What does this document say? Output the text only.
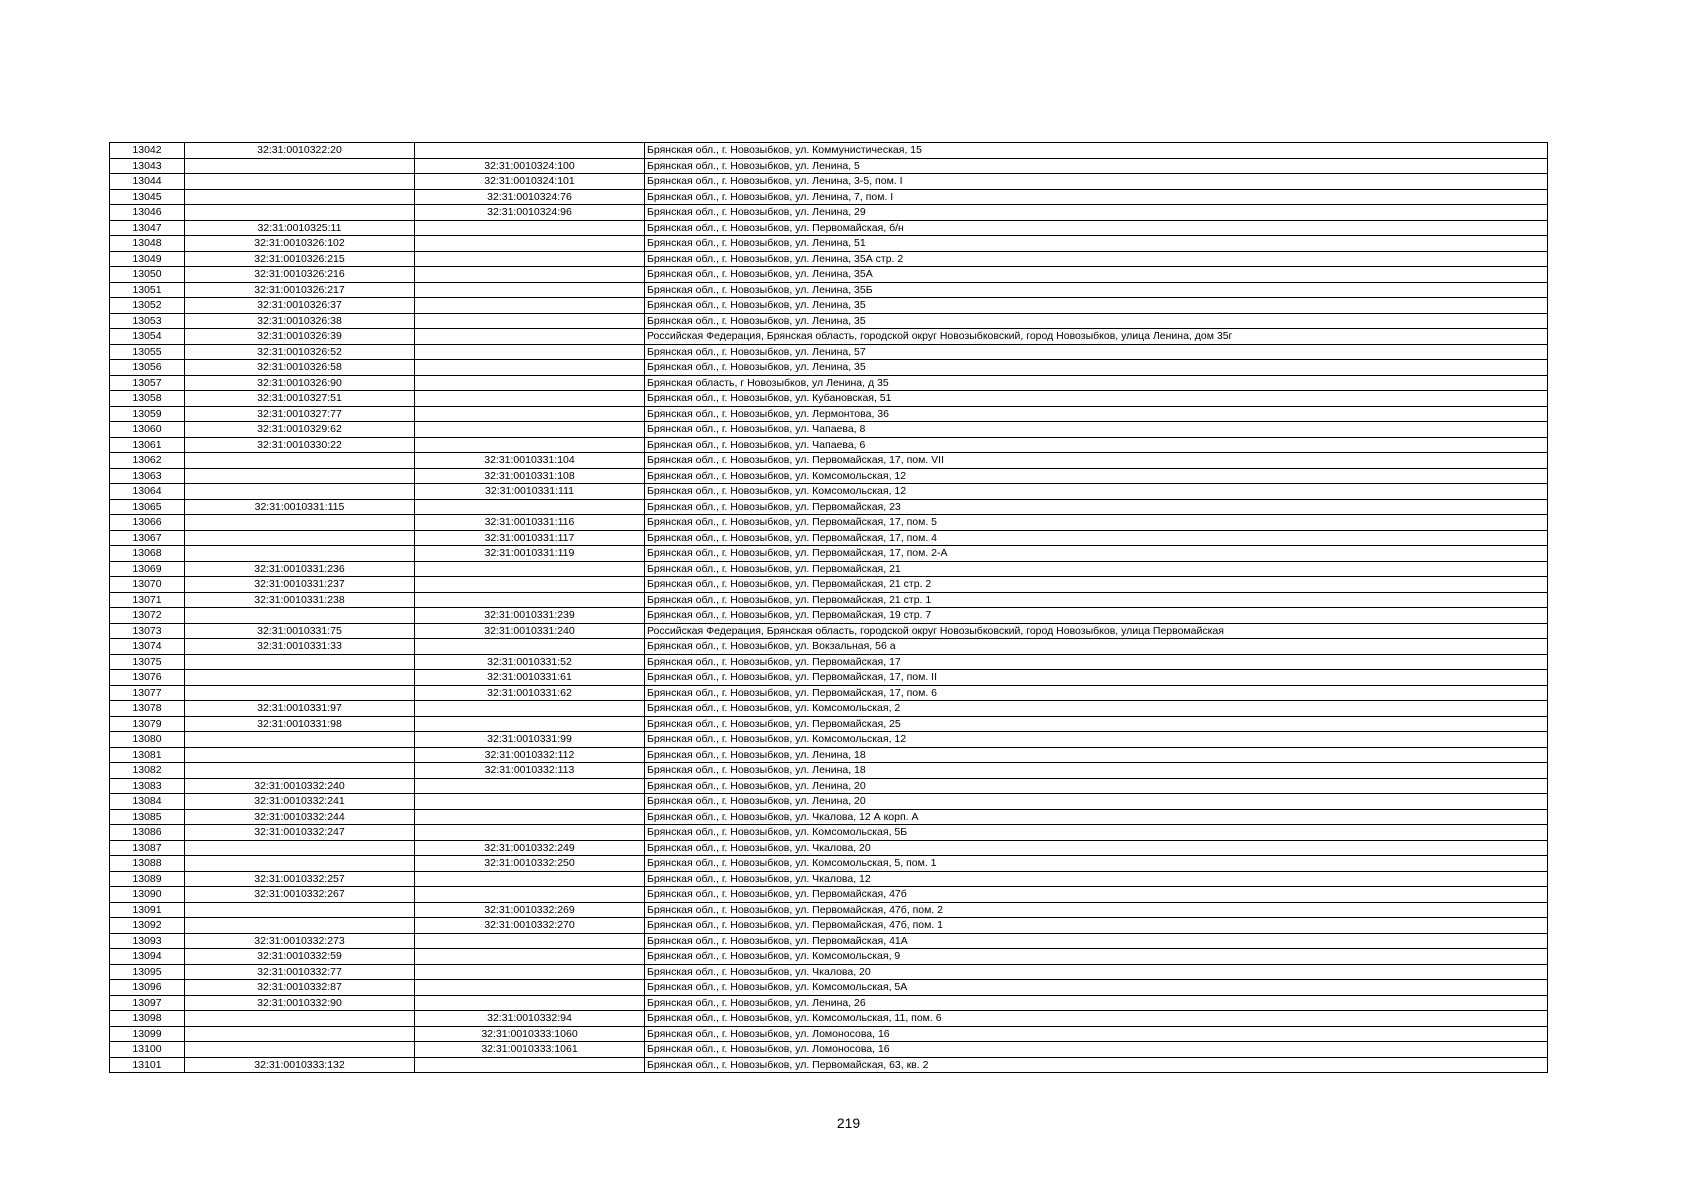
13042	32:31:0010322:20		Брянская обл., г. Новозыбков, ул. Коммунистическая, 15
13043		32:31:0010324:100	Брянская обл., г. Новозыбков, ул. Ленина, 5
13044		32:31:0010324:101	Брянская обл., г. Новозыбков, ул. Ленина, 3-5, пом. I
13045		32:31:0010324:76	Брянская обл., г. Новозыбков, ул. Ленина, 7, пом. I
13046		32:31:0010324:96	Брянская обл., г. Новозыбков, ул. Ленина, 29
13047	32:31:0010325:11		Брянская обл., г. Новозыбков, ул. Первомайская, б/н
13048	32:31:0010326:102		Брянская обл., г. Новозыбков, ул. Ленина, 51
13049	32:31:0010326:215		Брянская обл., г. Новозыбков, ул. Ленина, 35А стр. 2
13050	32:31:0010326:216		Брянская обл., г. Новозыбков, ул. Ленина, 35А
13051	32:31:0010326:217		Брянская обл., г. Новозыбков, ул. Ленина, 35Б
13052	32:31:0010326:37		Брянская обл., г. Новозыбков, ул. Ленина, 35
13053	32:31:0010326:38		Брянская обл., г. Новозыбков, ул. Ленина, 35
13054	32:31:0010326:39		Российская Федерация, Брянская область, городской округ Новозыбковский, город Новозыбков, улица Ленина, дом 35г
13055	32:31:0010326:52		Брянская обл., г. Новозыбков, ул. Ленина, 57
13056	32:31:0010326:58		Брянская обл., г. Новозыбков, ул. Ленина, 35
13057	32:31:0010326:90		Брянская область, г Новозыбков, ул Ленина, д 35
13058	32:31:0010327:51		Брянская обл., г. Новозыбков, ул. Кубановская, 51
13059	32:31:0010327:77		Брянская обл., г. Новозыбков, ул. Лермонтова, 36
13060	32:31:0010329:62		Брянская обл., г. Новозыбков, ул. Чапаева, 8
13061	32:31:0010330:22		Брянская обл., г. Новозыбков, ул. Чапаева, 6
13062		32:31:0010331:104	Брянская обл., г. Новозыбков, ул. Первомайская, 17, пом. VII
13063		32:31:0010331:108	Брянская обл., г. Новозыбков, ул. Комсомольская, 12
13064		32:31:0010331:111	Брянская обл., г. Новозыбков, ул. Комсомольская, 12
13065	32:31:0010331:115		Брянская обл., г. Новозыбков, ул. Первомайская, 23
13066		32:31:0010331:116	Брянская обл., г. Новозыбков, ул. Первомайская, 17, пом. 5
13067		32:31:0010331:117	Брянская обл., г. Новозыбков, ул. Первомайская, 17, пом. 4
13068		32:31:0010331:119	Брянская обл., г. Новозыбков, ул. Первомайская, 17, пом. 2-А
13069	32:31:0010331:236		Брянская обл., г. Новозыбков, ул. Первомайская, 21
13070	32:31:0010331:237		Брянская обл., г. Новозыбков, ул. Первомайская, 21 стр. 2
13071	32:31:0010331:238		Брянская обл., г. Новозыбков, ул. Первомайская, 21 стр. 1
13072		32:31:0010331:239	Брянская обл., г. Новозыбков, ул. Первомайская, 19 стр. 7
13073	32:31:0010331:75	32:31:0010331:240	Российская Федерация, Брянская область, городской округ Новозыбковский, город Новозыбков, улица Первомайская
13074	32:31:0010331:33		Брянская обл., г. Новозыбков, ул. Вокзальная, 56 а
13075		32:31:0010331:52	Брянская обл., г. Новозыбков, ул. Первомайская, 17
13076		32:31:0010331:61	Брянская обл., г. Новозыбков, ул. Первомайская, 17, пом. II
13077		32:31:0010331:62	Брянская обл., г. Новозыбков, ул. Первомайская, 17, пом. 6
13078	32:31:0010331:97		Брянская обл., г. Новозыбков, ул. Комсомольская, 2
13079	32:31:0010331:98		Брянская обл., г. Новозыбков, ул. Первомайская, 25
13080		32:31:0010331:99	Брянская обл., г. Новозыбков, ул. Комсомольская, 12
13081		32:31:0010332:112	Брянская обл., г. Новозыбков, ул. Ленина, 18
13082		32:31:0010332:113	Брянская обл., г. Новозыбков, ул. Ленина, 18
13083	32:31:0010332:240		Брянская обл., г. Новозыбков, ул. Ленина, 20
13084	32:31:0010332:241		Брянская обл., г. Новозыбков, ул. Ленина, 20
13085	32:31:0010332:244		Брянская обл., г. Новозыбков, ул. Чкалова, 12 А корп. А
13086	32:31:0010332:247		Брянская обл., г. Новозыбков, ул. Комсомольская, 5Б
13087		32:31:0010332:249	Брянская обл., г. Новозыбков, ул. Чкалова, 20
13088		32:31:0010332:250	Брянская обл., г. Новозыбков, ул. Комсомольская, 5, пом. 1
13089	32:31:0010332:257		Брянская обл., г. Новозыбков, ул. Чкалова, 12
13090	32:31:0010332:267		Брянская обл., г. Новозыбков, ул. Первомайская, 47б
13091		32:31:0010332:269	Брянская обл., г. Новозыбков, ул. Первомайская, 47б, пом. 2
13092		32:31:0010332:270	Брянская обл., г. Новозыбков, ул. Первомайская, 47б, пом. 1
13093	32:31:0010332:273		Брянская обл., г. Новозыбков, ул. Первомайская, 41А
13094	32:31:0010332:59		Брянская обл., г. Новозыбков, ул. Комсомольская, 9
13095	32:31:0010332:77		Брянская обл., г. Новозыбков, ул. Чкалова, 20
13096	32:31:0010332:87		Брянская обл., г. Новозыбков, ул. Комсомольская, 5А
13097	32:31:0010332:90		Брянская обл., г. Новозыбков, ул. Ленина, 26
13098		32:31:0010332:94	Брянская обл., г. Новозыбков, ул. Комсомольская, 11, пом. 6
13099		32:31:0010333:1060	Брянская обл., г. Новозыбков, ул. Ломоносова, 16
13100		32:31:0010333:1061	Брянская обл., г. Новозыбков, ул. Ломоносова, 16
13101	32:31:0010333:132		Брянская обл., г. Новозыбков, ул. Первомайская, 63, кв. 2
219
